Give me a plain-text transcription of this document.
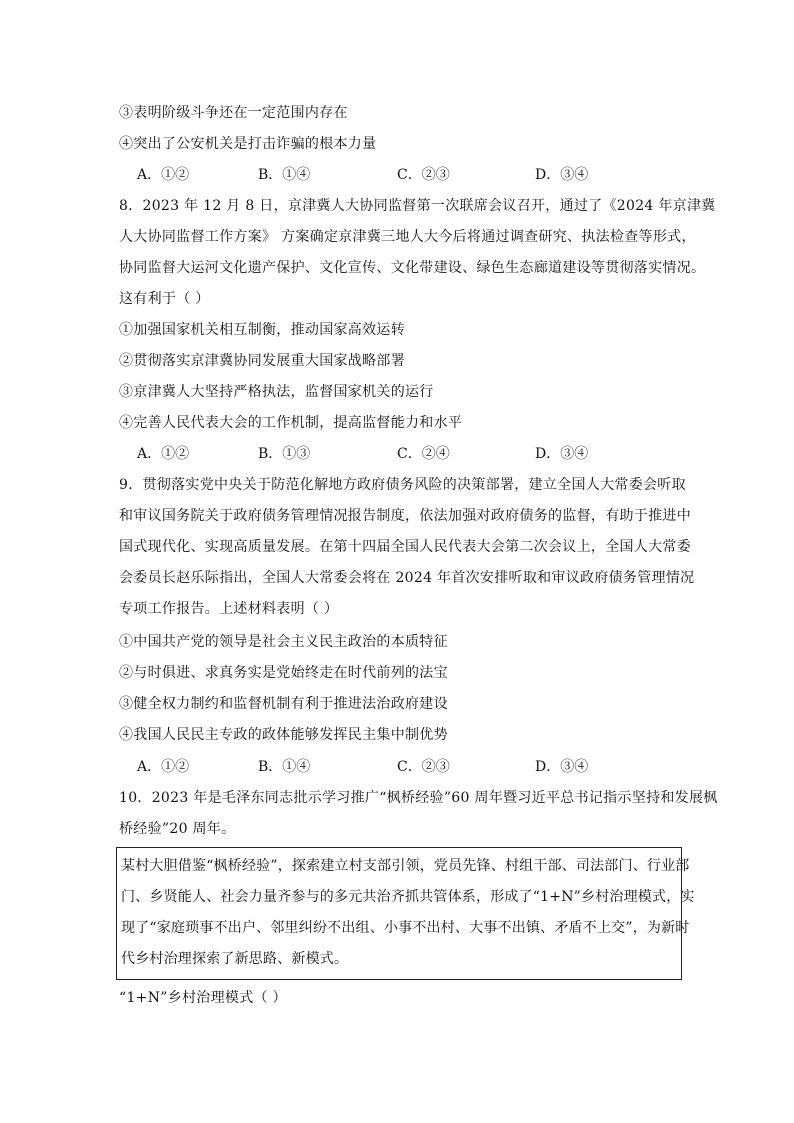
③表明阶级斗争还在一定范围内存在
④突出了公安机关是打击诈骗的根本力量
A．①②	B．①④	C．②③	D．③④
8．2023 年 12 月 8 日，京津冀人大协同监督第一次联席会议召开，通过了《2024 年京津冀
人大协同监督工作方案》 方案确定京津冀三地人大今后将通过调查研究、执法检查等形式，
协同监督大运河文化遗产保护、文化宣传、文化带建设、绿色生态廊道建设等贯彻落实情况。
这有利于（ ）
①加强国家机关相互制衡，推动国家高效运转
②贯彻落实京津冀协同发展重大国家战略部署
③京津冀人大坚持严格执法，监督国家机关的运行
④完善人民代表大会的工作机制，提高监督能力和水平
A．①②	B．①③	C．②④	D．③④
9．贯彻落实党中央关于防范化解地方政府债务风险的决策部署，建立全国人大常委会听取
和审议国务院关于政府债务管理情况报告制度，依法加强对政府债务的监督，有助于推进中
国式现代化、实现高质量发展。在第十四届全国人民代表大会第二次会议上，全国人大常委
会委员长赵乐际指出，全国人大常委会将在 2024 年首次安排听取和审议政府债务管理情况
专项工作报告。上述材料表明（ ）
①中国共产党的领导是社会主义民主政治的本质特征
②与时俱进、求真务实是党始终走在时代前列的法宝
③健全权力制约和监督机制有利于推进法治政府建设
④我国人民民主专政的政体能够发挥民主集中制优势
A．①②	B．①④	C．②③	D．③④
10．2023 年是毛泽东同志批示学习推广“枫桥经验”60 周年暨习近平总书记指示坚持和发展枫
桥经验”20 周年。
某村大胆借鉴“枫桥经验”，探索建立村支部引领，党员先锋、村组干部、司法部门、行业部
门、乡贤能人、社会力量齐参与的多元共治齐抓共管体系，形成了“1+N”乡村治理模式，实
现了“家庭琐事不出户、邻里纠纷不出组、小事不出村、大事不出镇、矛盾不上交”，为新时
代乡村治理探索了新思路、新模式。
“1+N”乡村治理模式（ ）
